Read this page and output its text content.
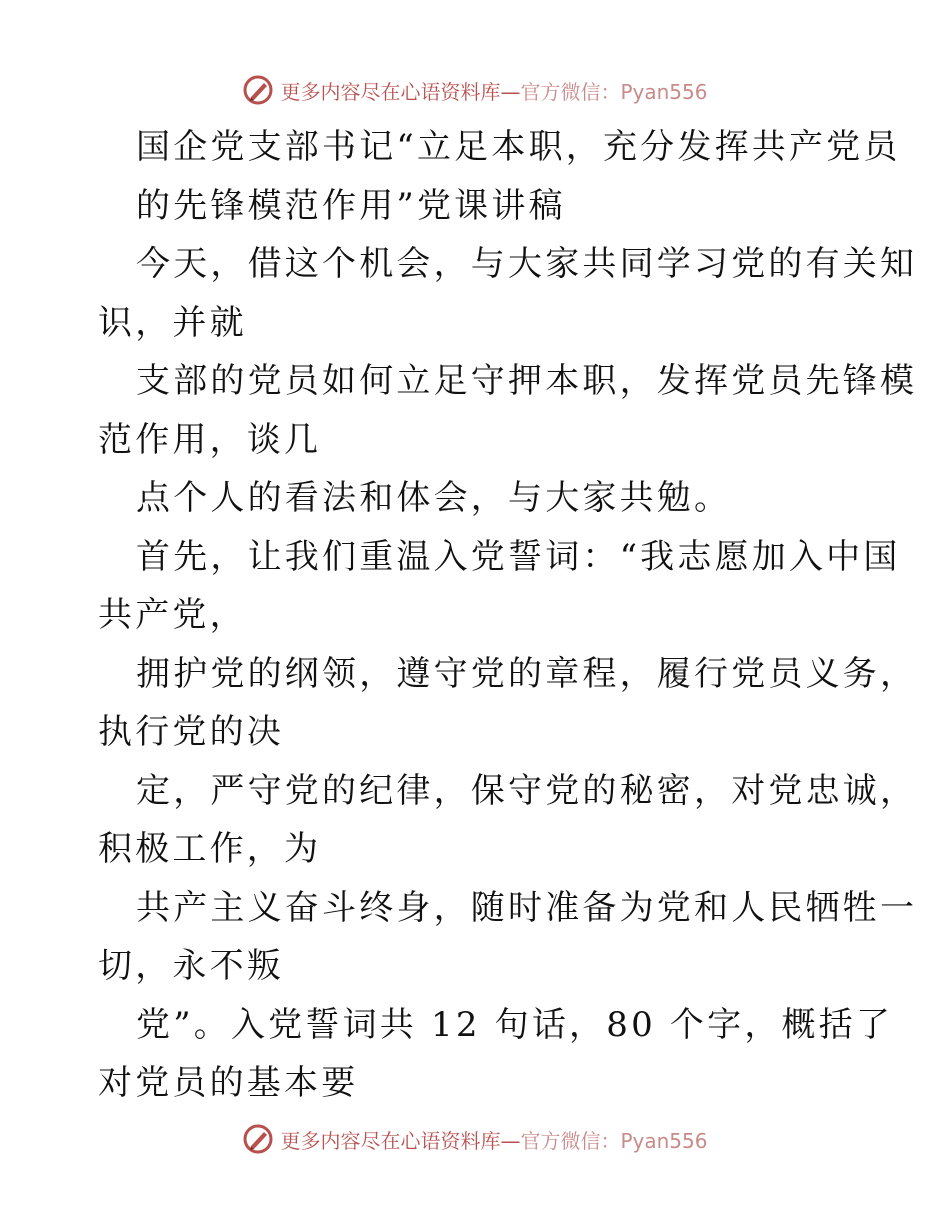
更多内容尽在心语资料库— 官方微信：Pyan556
国企党支部书记“立足本职，充分发挥共产党员
的先锋模范作用”党课讲稿
今天，借这个机会，与大家共同学习党的有关知
识，并就
支部的党员如何立足守押本职，发挥党员先锋模
范作用，谈几
点个人的看法和体会，与大家共勉。
首先，让我们重温入党誓词：“我志愿加入中国
共产党，
拥护党的纲领，遵守党的章程，履行党员义务，
执行党的决
定，严守党的纪律，保守党的秘密，对党忠诚，
积极工作，为
共产主义奋斗终身，随时准备为党和人民牺牲一
切，永不叛
党”。入党誓词共 12 句话，80 个字，概括了
对党员的基本要
更多内容尽在心语资料库— 官方微信：Pyan556
